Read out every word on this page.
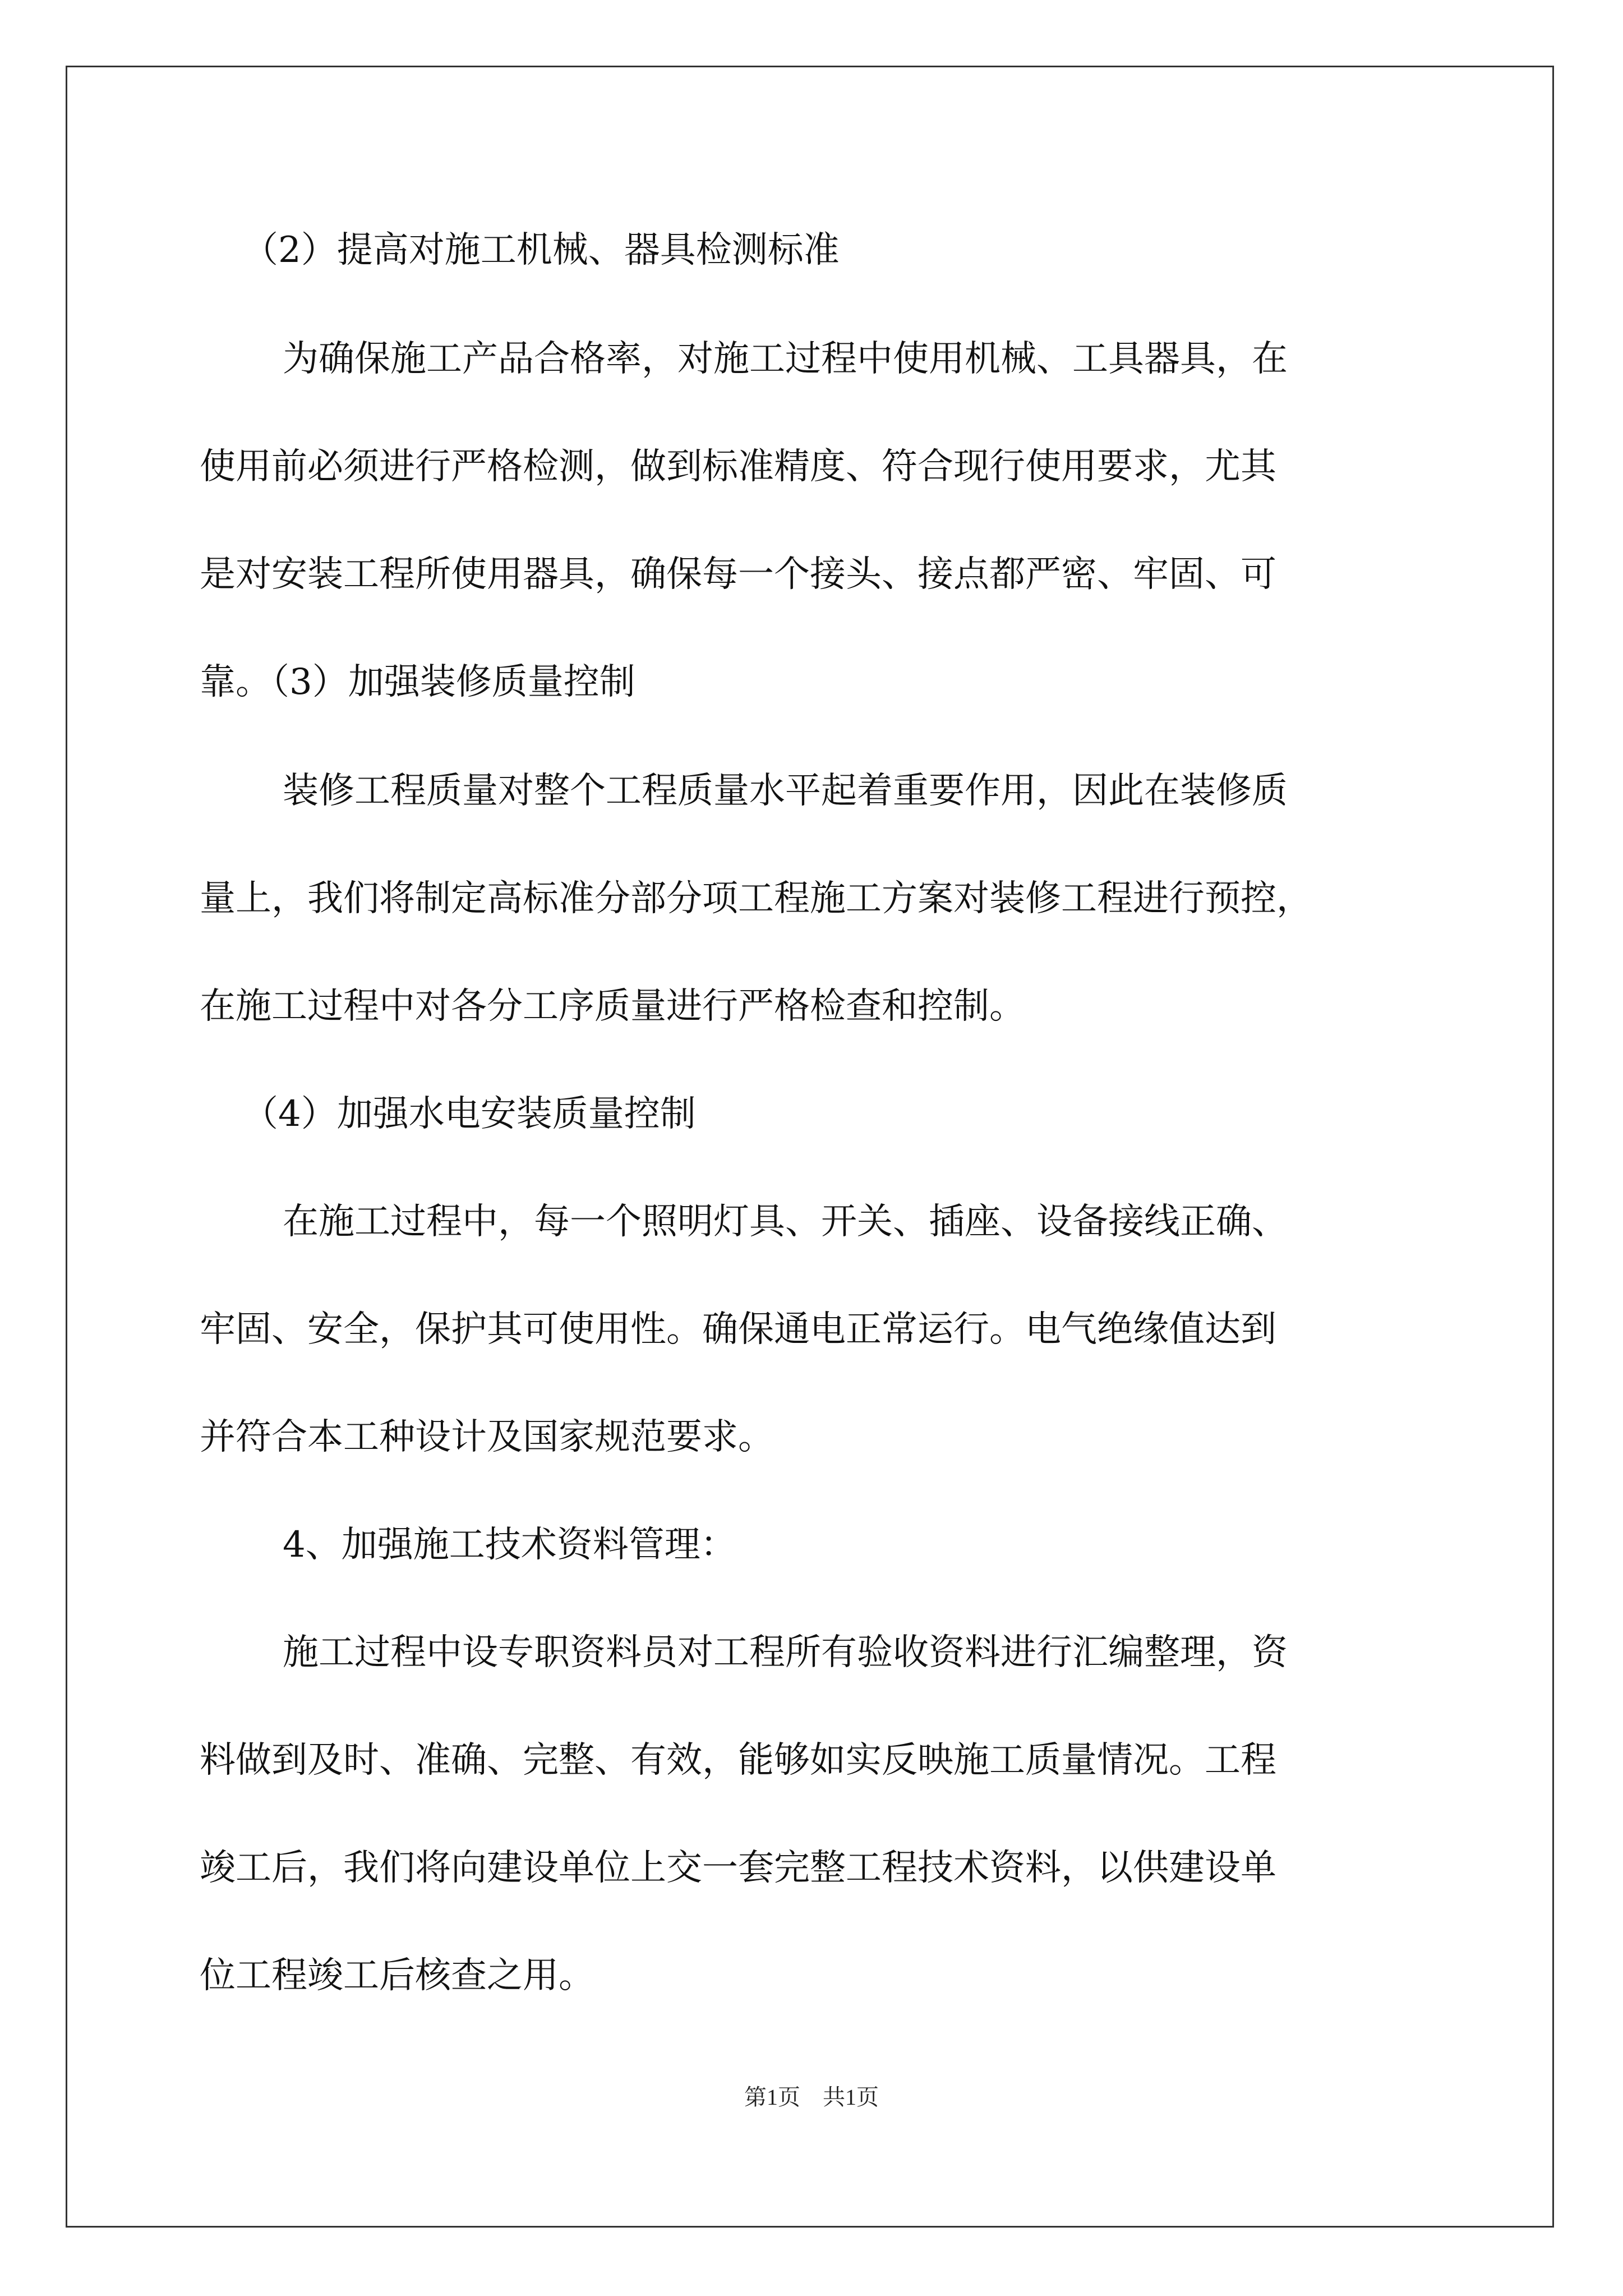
（2）提高对施工机械、器具检测标准

为确保施工产品合格率，对施工过程中使用机械、工具器具，在

使用前必须进行严格检测，做到标准精度、符合现行使用要求，尤其

是对安装工程所使用器具，确保每一个接头、接点都严密、牢固、可

靠。（3）加强装修质量控制

装修工程质量对整个工程质量水平起着重要作用，因此在装修质

量上，我们将制定高标准分部分项工程施工方案对装修工程进行预控，

在施工过程中对各分工序质量进行严格检查和控制。

（4）加强水电安装质量控制

在施工过程中，每一个照明灯具、开关、插座、设备接线正确、

牢固、安全，保护其可使用性。确保通电正常运行。电气绝缘值达到

并符合本工种设计及国家规范要求。

4、加强施工技术资料管理：

施工过程中设专职资料员对工程所有验收资料进行汇编整理，资

料做到及时、准确、完整、有效，能够如实反映施工质量情况。工程

竣工后，我们将向建设单位上交一套完整工程技术资料，以供建设单

位工程竣工后核查之用。

第1页　共1页
